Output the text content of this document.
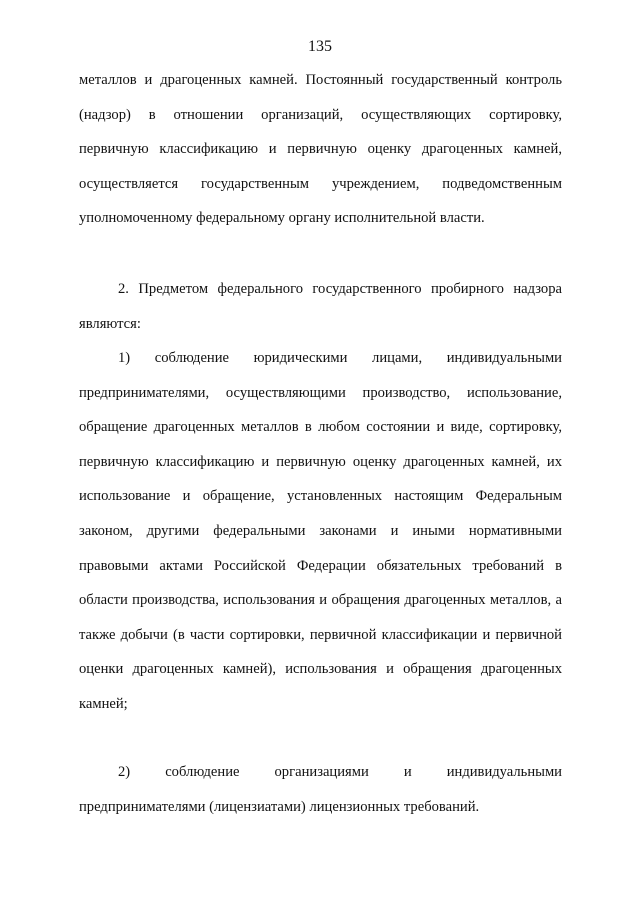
135

металлов и драгоценных камней. Постоянный государственный контроль (надзор) в отношении организаций, осуществляющих сортировку, первичную классификацию и первичную оценку драгоценных камней, осуществляется государственным учреждением, подведомственным уполномоченному федеральному органу исполнительной власти.

2. Предметом федерального государственного пробирного надзора являются:

1) соблюдение юридическими лицами, индивидуальными предпринимателями, осуществляющими производство, использование, обращение драгоценных металлов в любом состоянии и виде, сортировку, первичную классификацию и первичную оценку драгоценных камней, их использование и обращение, установленных настоящим Федеральным законом, другими федеральными законами и иными нормативными правовыми актами Российской Федерации обязательных требований в области производства, использования и обращения драгоценных металлов, а также добычи (в части сортировки, первичной классификации и первичной оценки драгоценных камней), использования и обращения драгоценных камней;

2) соблюдение организациями и индивидуальными предпринимателями (лицензиатами) лицензионных требований.
